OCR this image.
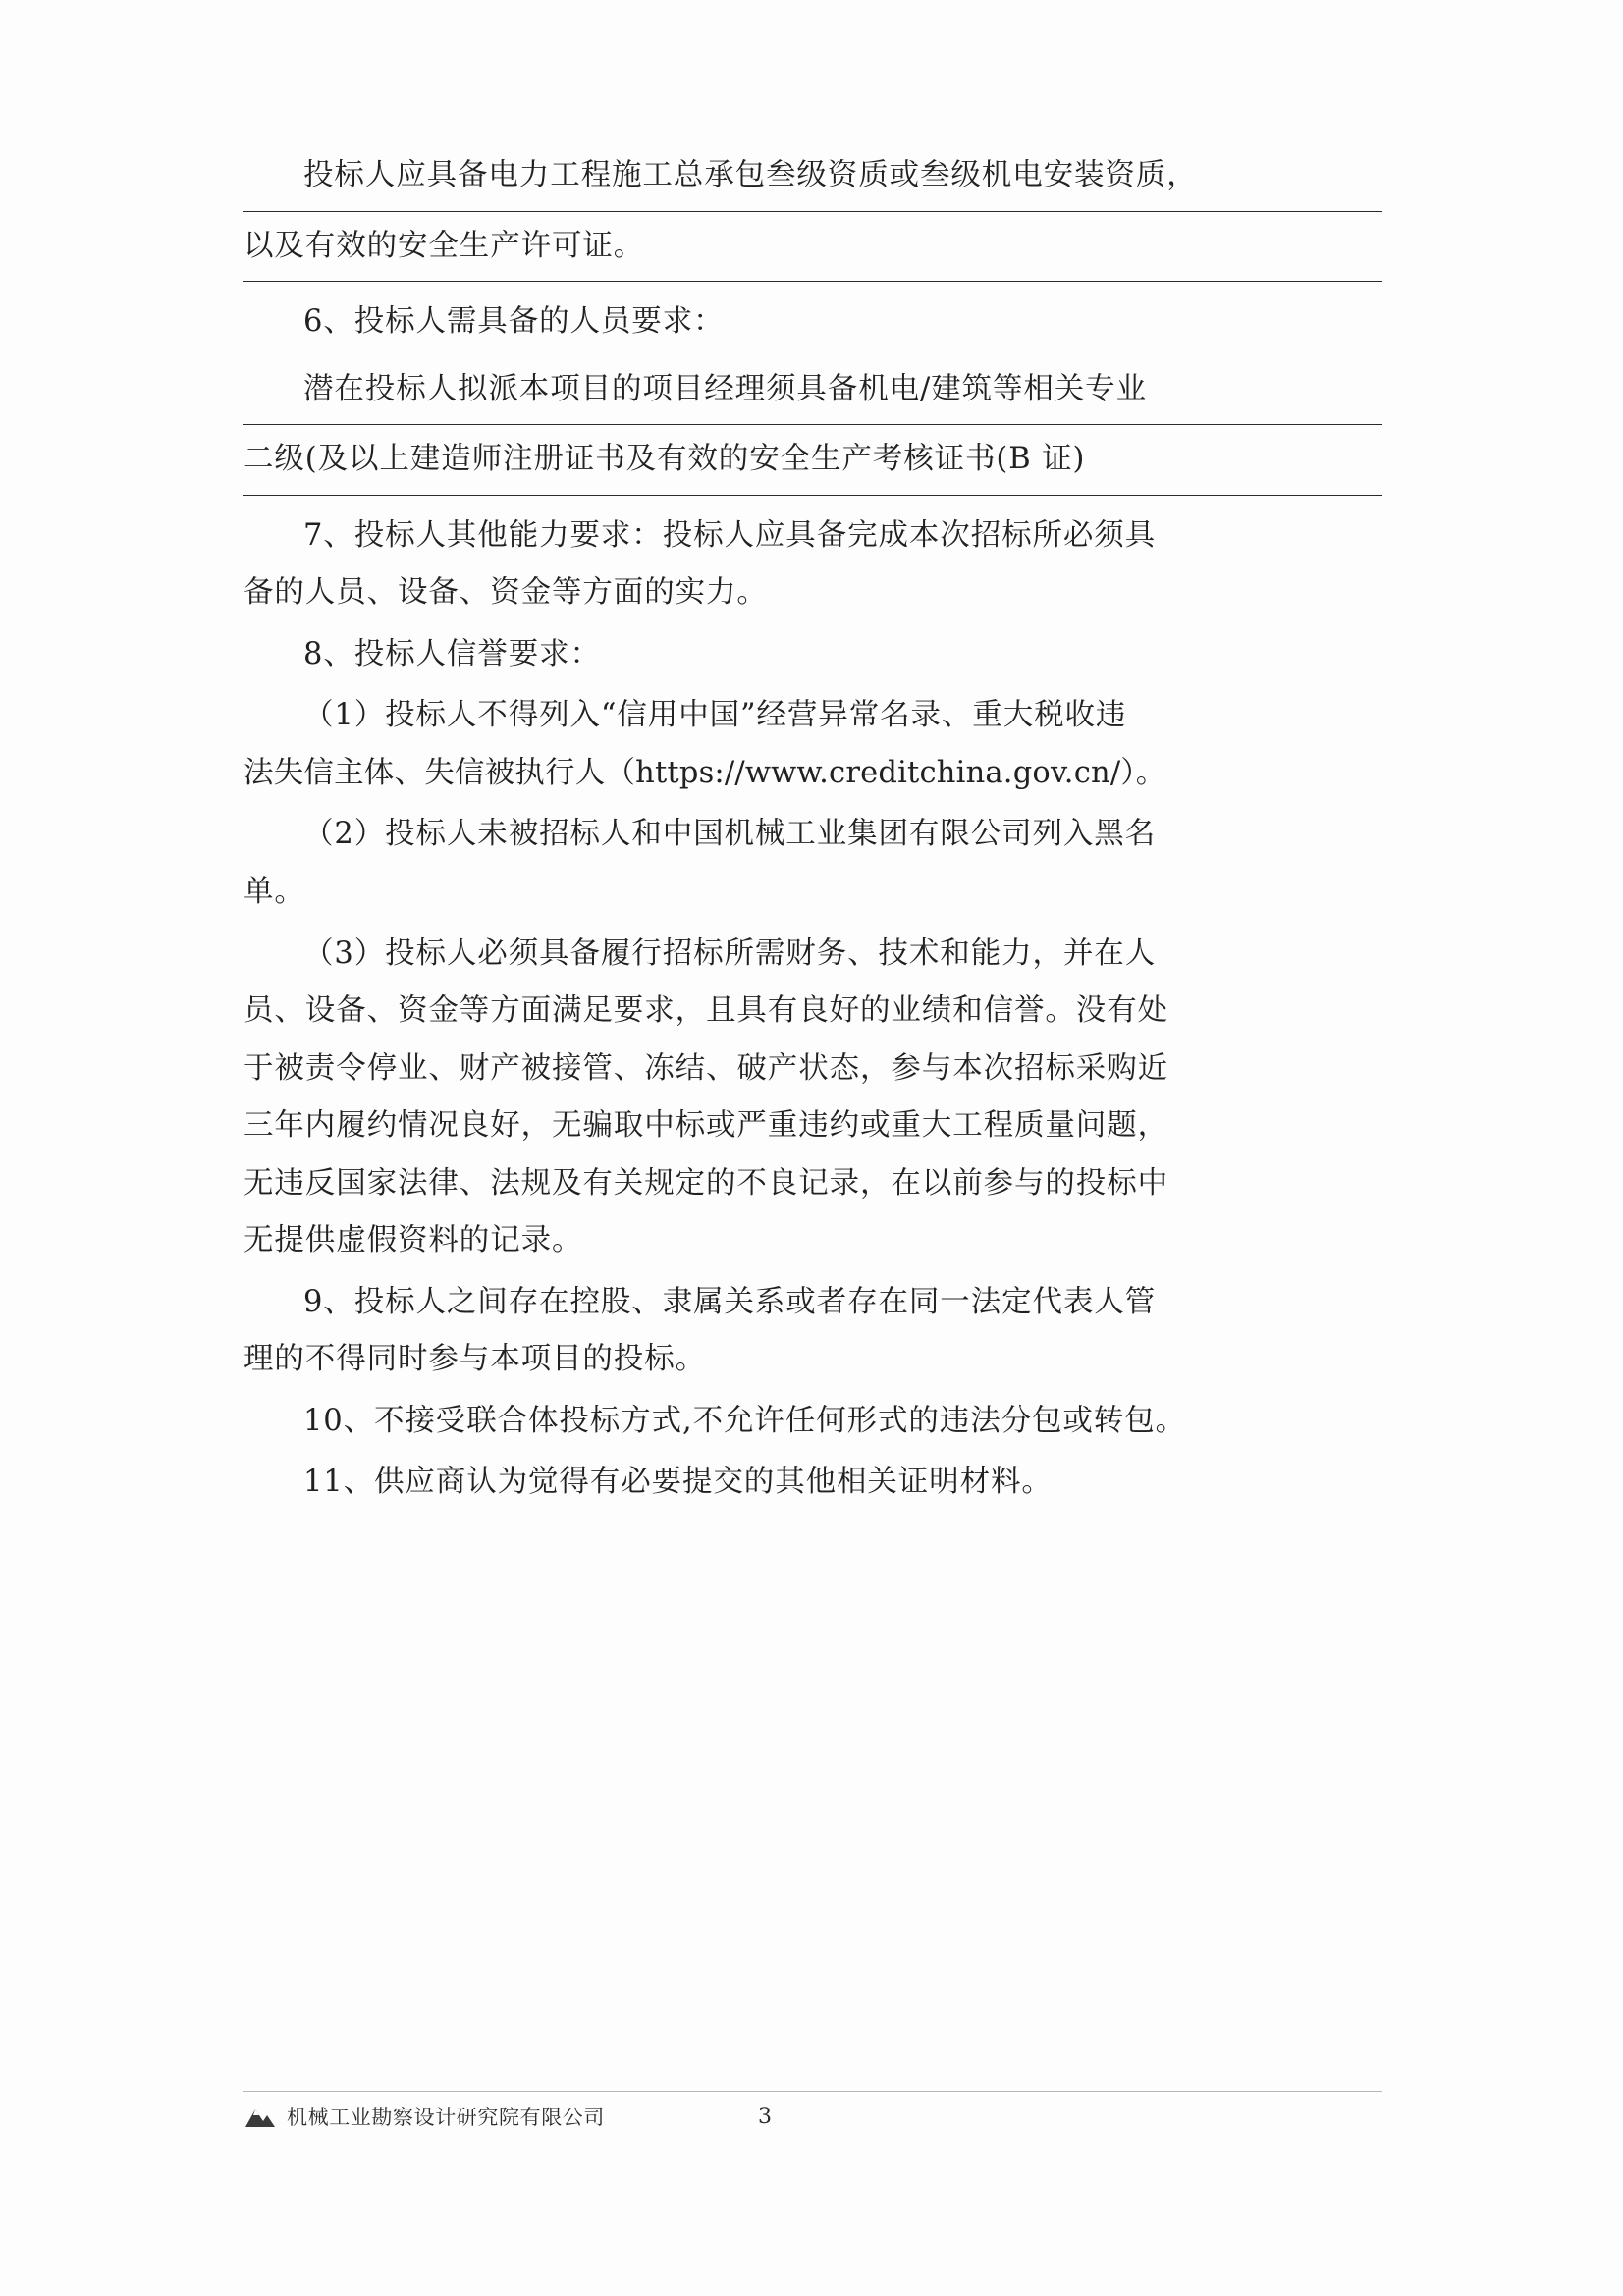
投标人应具备电力工程施工总承包叁级资质或叁级机电安装资质，
以及有效的安全生产许可证。
6、投标人需具备的人员要求：
潜在投标人拟派本项目的项目经理须具备机电/建筑等相关专业
二级(及以上建造师注册证书及有效的安全生产考核证书(B 证)
7、投标人其他能力要求：投标人应具备完成本次招标所必须具
备的人员、设备、资金等方面的实力。
8、投标人信誉要求：
（1）投标人不得列入“信用中国”经营异常名录、重大税收违
法失信主体、失信被执行人（https://www.creditchina.gov.cn/）。
（2）投标人未被招标人和中国机械工业集团有限公司列入黑名
单。
（3）投标人必须具备履行招标所需财务、技术和能力，并在人
员、设备、资金等方面满足要求，且具有良好的业绩和信誉。没有处
于被责令停业、财产被接管、冻结、破产状态，参与本次招标采购近
三年内履约情况良好，无骗取中标或严重违约或重大工程质量问题，
无违反国家法律、法规及有关规定的不良记录，在以前参与的投标中
无提供虚假资料的记录。
9、投标人之间存在控股、隶属关系或者存在同一法定代表人管
理的不得同时参与本项目的投标。
10、不接受联合体投标方式,不允许任何形式的违法分包或转包。
11、供应商认为觉得有必要提交的其他相关证明材料。
机械工业勘察设计研究院有限公司	3
